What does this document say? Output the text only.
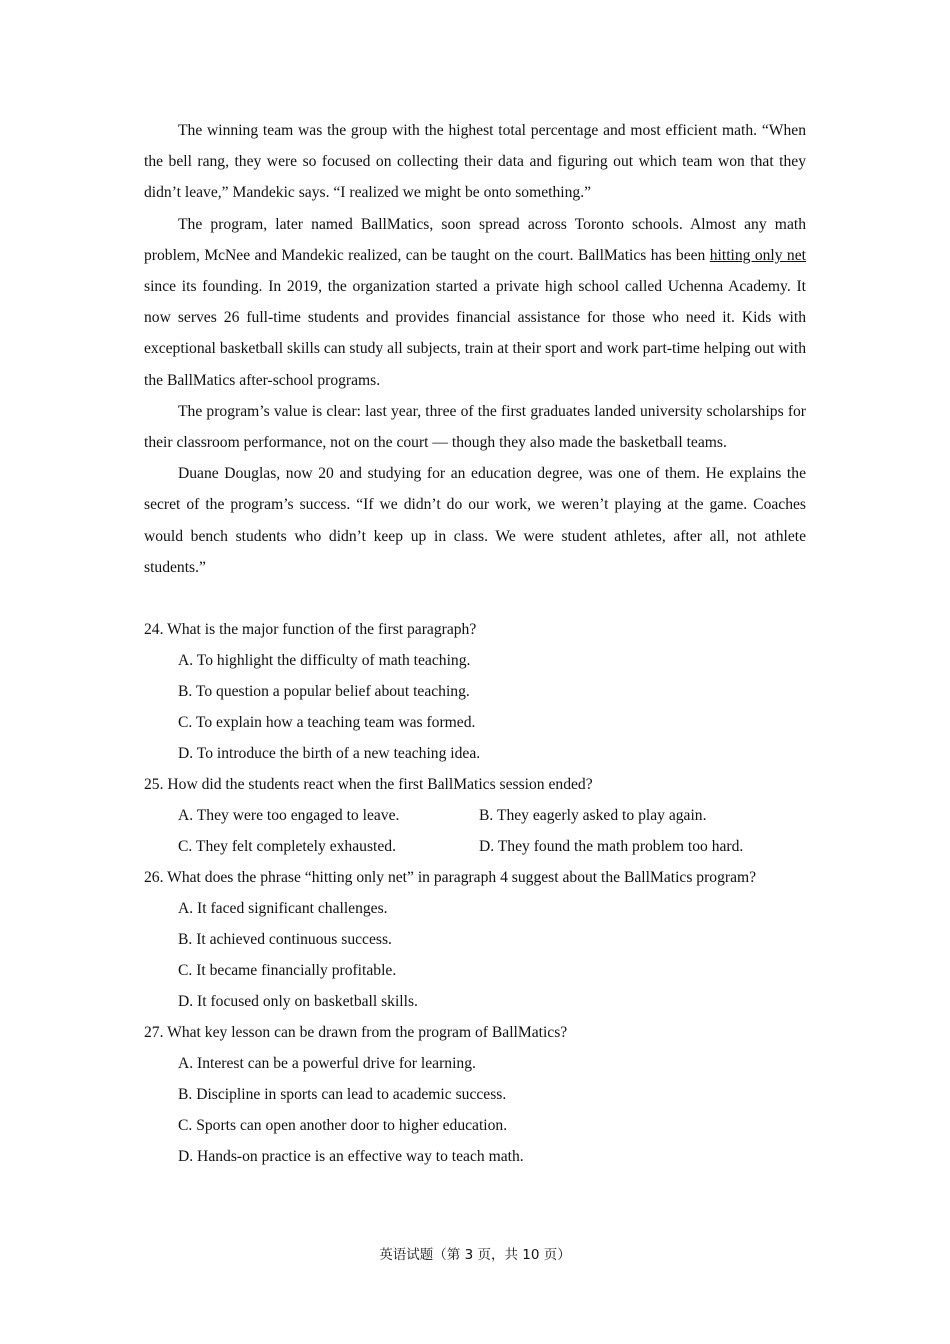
The winning team was the group with the highest total percentage and most efficient math. “When the bell rang, they were so focused on collecting their data and figuring out which team won that they didn’t leave,” Mandekic says. “I realized we might be onto something.”

The program, later named BallMatics, soon spread across Toronto schools. Almost any math problem, McNee and Mandekic realized, can be taught on the court. BallMatics has been hitting only net since its founding. In 2019, the organization started a private high school called Uchenna Academy. It now serves 26 full-time students and provides financial assistance for those who need it. Kids with exceptional basketball skills can study all subjects, train at their sport and work part-time helping out with the BallMatics after-school programs.

The program’s value is clear: last year, three of the first graduates landed university scholarships for their classroom performance, not on the court — though they also made the basketball teams.

Duane Douglas, now 20 and studying for an education degree, was one of them. He explains the secret of the program’s success. “If we didn’t do our work, we weren’t playing at the game. Coaches would bench students who didn’t keep up in class. We were student athletes, after all, not athlete students.”

24. What is the major function of the first paragraph?

A. To highlight the difficulty of math teaching.

B. To question a popular belief about teaching.

C. To explain how a teaching team was formed.

D. To introduce the birth of a new teaching idea.

25. How did the students react when the first BallMatics session ended?

A. They were too engaged to leave.	B. They eagerly asked to play again.
C. They felt completely exhausted.	D. They found the math problem too hard.

26. What does the phrase “hitting only net” in paragraph 4 suggest about the BallMatics program?

A. It faced significant challenges.

B. It achieved continuous success.

C. It became financially profitable.

D. It focused only on basketball skills.

27. What key lesson can be drawn from the program of BallMatics?

A. Interest can be a powerful drive for learning.

B. Discipline in sports can lead to academic success.

C. Sports can open another door to higher education.

D. Hands-on practice is an effective way to teach math.

英语试题（第 3 页，共 10 页）
